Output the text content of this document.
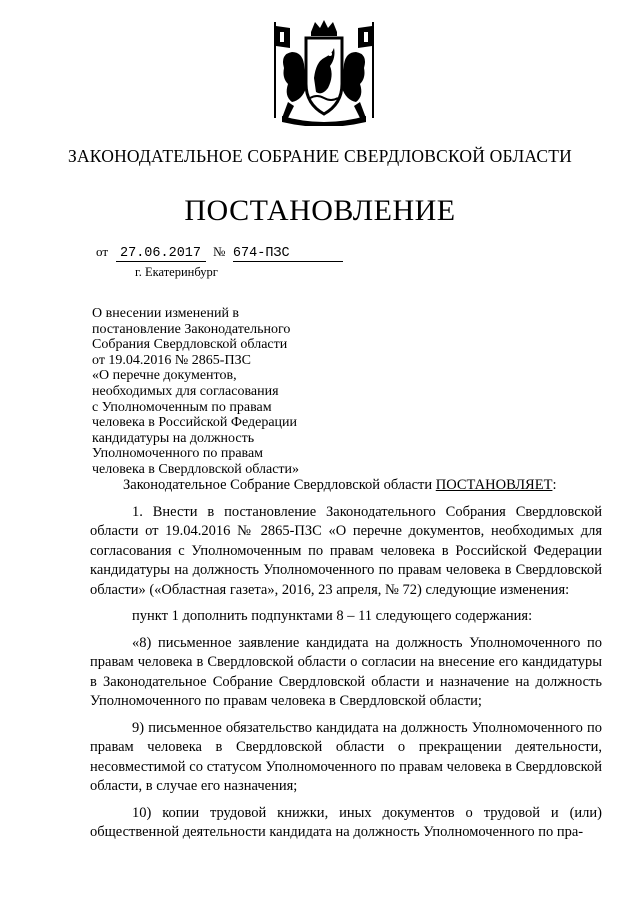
ЗАКОНОДАТЕЛЬНОЕ СОБРАНИЕ СВЕРДЛОВСКОЙ ОБЛАСТИ
ПОСТАНОВЛЕНИЕ
от 27.06.2017 № 674-ПЗС
г. Екатеринбург
О внесении изменений в
постановление Законодательного
Собрания Свердловской области
от 19.04.2016 № 2865-ПЗС
«О перечне документов,
необходимых для согласования
с Уполномоченным по правам
человека в Российской Федерации
кандидатуры на должность
Уполномоченного по правам
человека в Свердловской области»

Законодательное Собрание Свердловской области ПОСТАНОВЛЯЕТ:

1. Внести в постановление Законодательного Собрания Свердловской области от 19.04.2016 № 2865-ПЗС «О перечне документов, необходимых для согласования с Уполномоченным по правам человека в Российской Федерации кандидатуры на должность Уполномоченного по правам человека в Свердловской области» («Областная газета», 2016, 23 апреля, № 72) следующие изменения:

пункт 1 дополнить подпунктами 8 – 11 следующего содержания:

«8) письменное заявление кандидата на должность Уполномоченного по правам человека в Свердловской области о согласии на внесение его кандидатуры в Законодательное Собрание Свердловской области и назначение на должность Уполномоченного по правам человека в Свердловской области;

9) письменное обязательство кандидата на должность Уполномоченного по правам человека в Свердловской области о прекращении деятельности, несовместимой со статусом Уполномоченного по правам человека в Свердловской области, в случае его назначения;

10) копии трудовой книжки, иных документов о трудовой и (или) общественной деятельности кандидата на должность Уполномоченного по пра-
